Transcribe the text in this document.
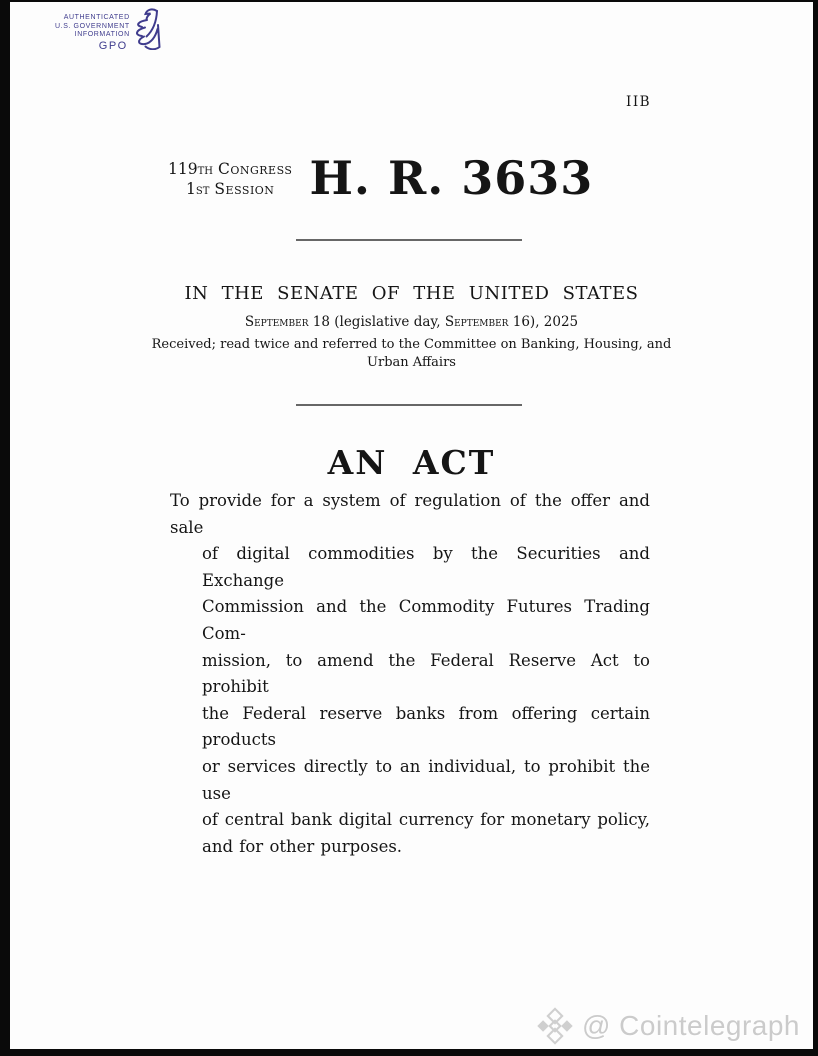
AUTHENTICATED
U.S. GOVERNMENT
INFORMATION
GPO
IIB
119TH Congress
1ST Session H. R. 3633
IN THE SENATE OF THE UNITED STATES
September 18 (legislative day, September 16), 2025
Received; read twice and referred to the Committee on Banking, Housing, and
Urban Affairs
AN ACT
To provide for a system of regulation of the offer and sale
of digital commodities by the Securities and Exchange
Commission and the Commodity Futures Trading Com-
mission, to amend the Federal Reserve Act to prohibit
the Federal reserve banks from offering certain products
or services directly to an individual, to prohibit the use
of central bank digital currency for monetary policy,
and for other purposes.
@ Cointelegraph
